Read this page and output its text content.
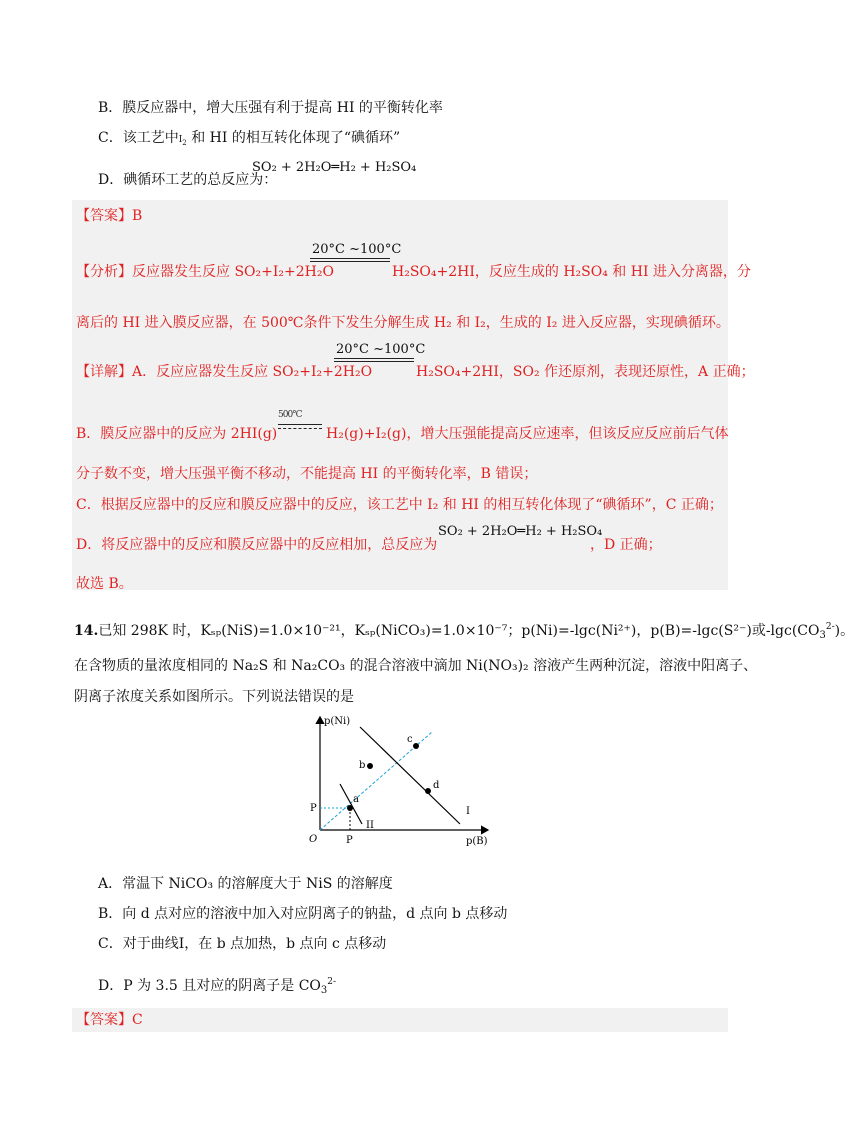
B．膜反应器中，增大压强有利于提高 HI 的平衡转化率
C．该工艺中$I_2$ 和 HI 的相互转化体现了“碘循环”
D．碘循环工艺的总反应为：
SO₂ + 2H₂O═H₂ + H₂SO₄
【答案】B
20°C ~100°C
【分析】反应器发生反应 SO₂+I₂+2H₂O	H₂SO₄+2HI，反应生成的 H₂SO₄ 和 HI 进入分离器，分
离后的 HI 进入膜反应器，在 500℃条件下发生分解生成 H₂ 和 I₂，生成的 I₂ 进入反应器，实现碘循环。
20°C ~100°C
【详解】A．反应应器发生反应 SO₂+I₂+2H₂O	H₂SO₄+2HI，SO₂ 作还原剂，表现还原性，A 正确；
B．膜反应器中的反应为 2HI(g)
500°C
H₂(g)+I₂(g)，增大压强能提高反应速率，但该反应反应前后气体
分子数不变，增大压强平衡不移动，不能提高 HI 的平衡转化率，B 错误；
C．根据反应器中的反应和膜反应器中的反应，该工艺中 I₂ 和 HI 的相互转化体现了“碘循环”，C 正确；
D．将反应器中的反应和膜反应器中的反应相加，总反应为
SO₂ + 2H₂O═H₂ + H₂SO₄
，D 正确；
故选 B。
14.已知 298K 时，Kₛₚ(NiS)=1.0×10⁻²¹，Kₛₚ(NiCO₃)=1.0×10⁻⁷；p(Ni)=-lgc(Ni²⁺)，p(B)=-lgc(S²⁻)或$-\lg c(CO_3^{2-})$。
在含物质的量浓度相同的 Na₂S 和 Na₂CO₃ 的混合溶液中滴加 Ni(NO₃)₂ 溶液产生两种沉淀，溶液中阳离子、
阴离子浓度关系如图所示。下列说法错误的是
p(Ni)
p(B)
O
P
P
a
b
c
d
I
II
A．常温下 NiCO₃ 的溶解度大于 NiS 的溶解度
B．向 d 点对应的溶液中加入对应阴离子的钠盐，d 点向 b 点移动
C．对于曲线Ⅰ，在 b 点加热，b 点向 c 点移动
D．P 为 3.5 且对应的阴离子是 $CO_3^{2-}$
【答案】C
